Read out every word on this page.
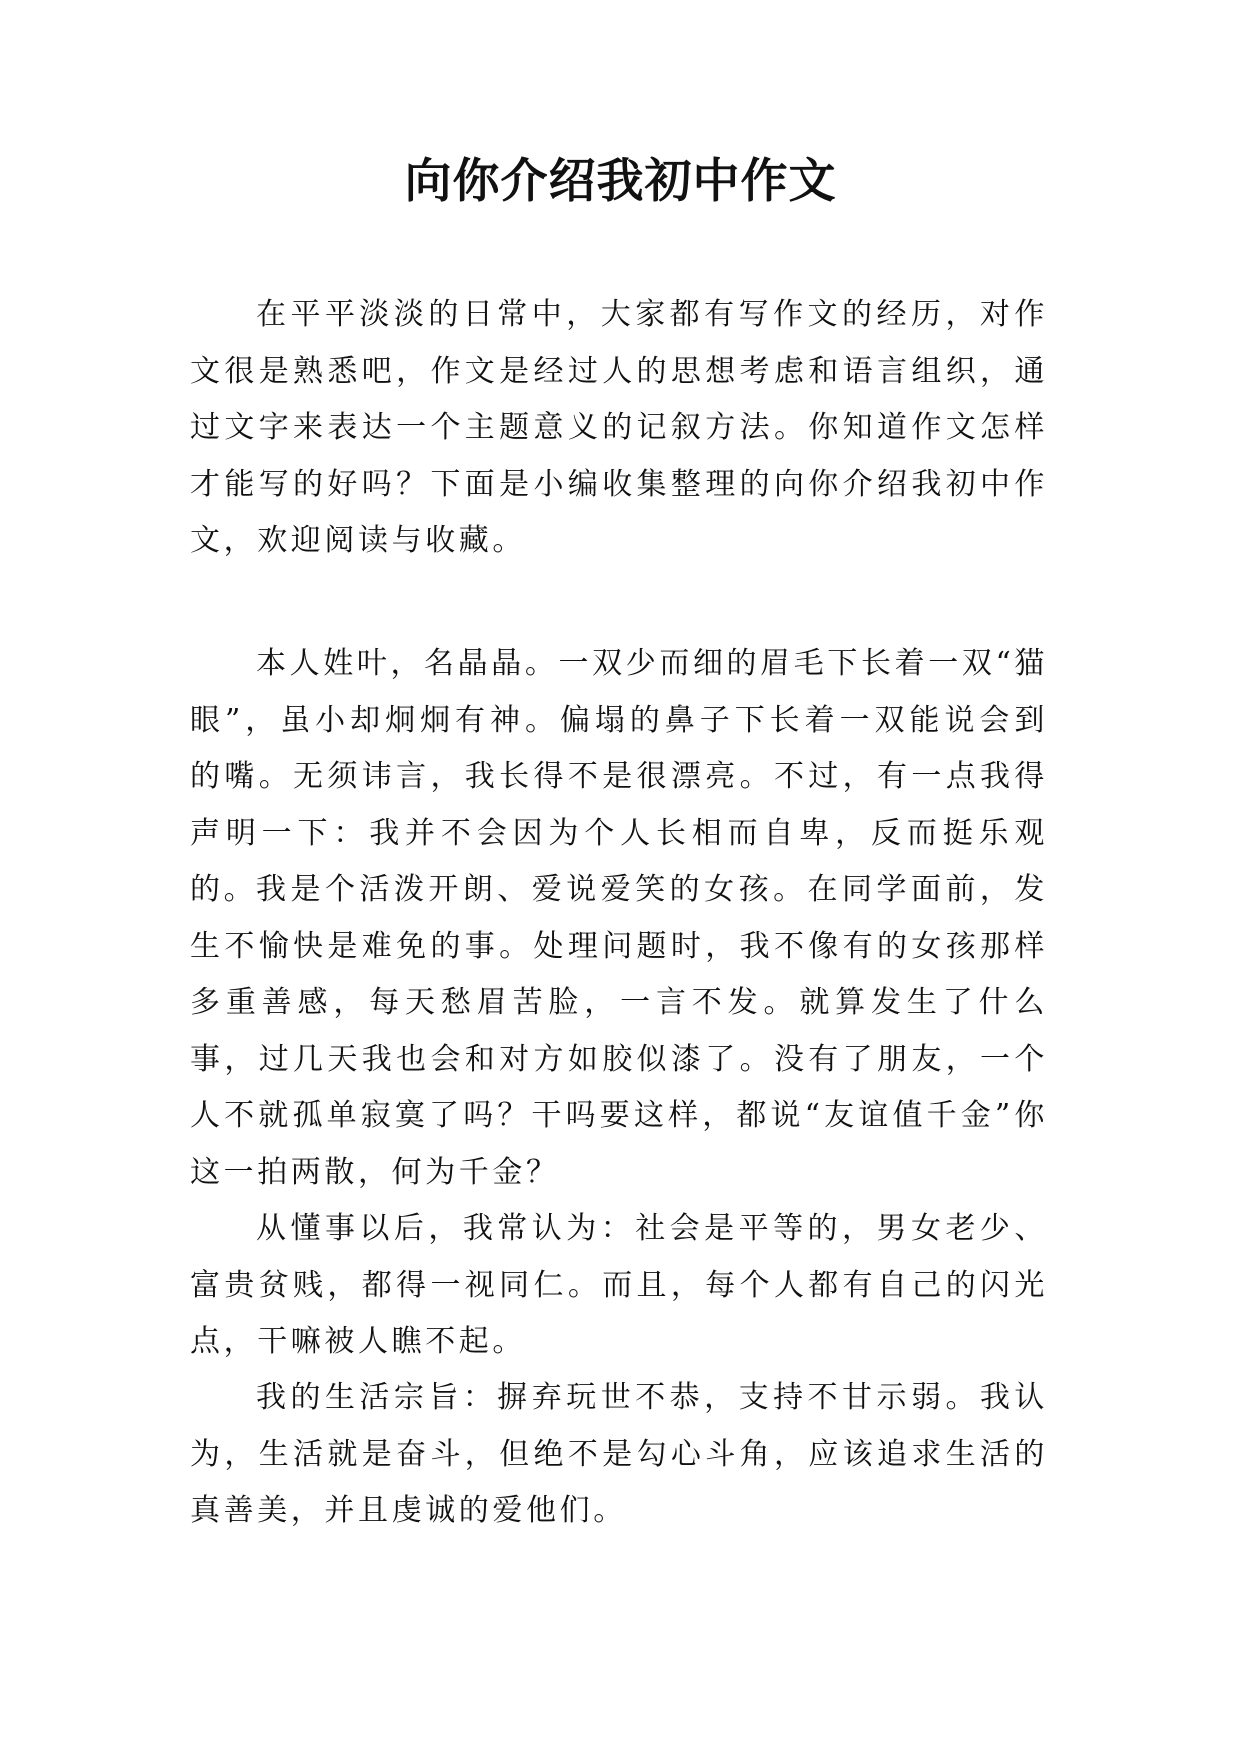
向你介绍我初中作文

在平平淡淡的日常中，大家都有写作文的经历，对作文很是熟悉吧，作文是经过人的思想考虑和语言组织，通过文字来表达一个主题意义的记叙方法。你知道作文怎样才能写的好吗？下面是小编收集整理的向你介绍我初中作文，欢迎阅读与收藏。

本人姓叶，名晶晶。一双少而细的眉毛下长着一双“猫眼”，虽小却炯炯有神。偏塌的鼻子下长着一双能说会到的嘴。无须讳言，我长得不是很漂亮。不过，有一点我得声明一下：我并不会因为个人长相而自卑，反而挺乐观的。

我是个活泼开朗、爱说爱笑的女孩。在同学面前，发生不愉快是难免的事。处理问题时，我不像有的女孩那样多重善感，每天愁眉苦脸，一言不发。就算发生了什么事，过几天我也会和对方如胶似漆了。没有了朋友，一个人不就孤单寂寞了吗？干吗要这样，都说“友谊值千金”你这一拍两散，何为千金？

从懂事以后，我常认为：社会是平等的，男女老少、富贵贫贱，都得一视同仁。而且，每个人都有自己的闪光点，干嘛被人瞧不起。

我的生活宗旨：摒弃玩世不恭，支持不甘示弱。我认为，生活就是奋斗，但绝不是勾心斗角，应该追求生活的真善美，并且虔诚的爱他们。
